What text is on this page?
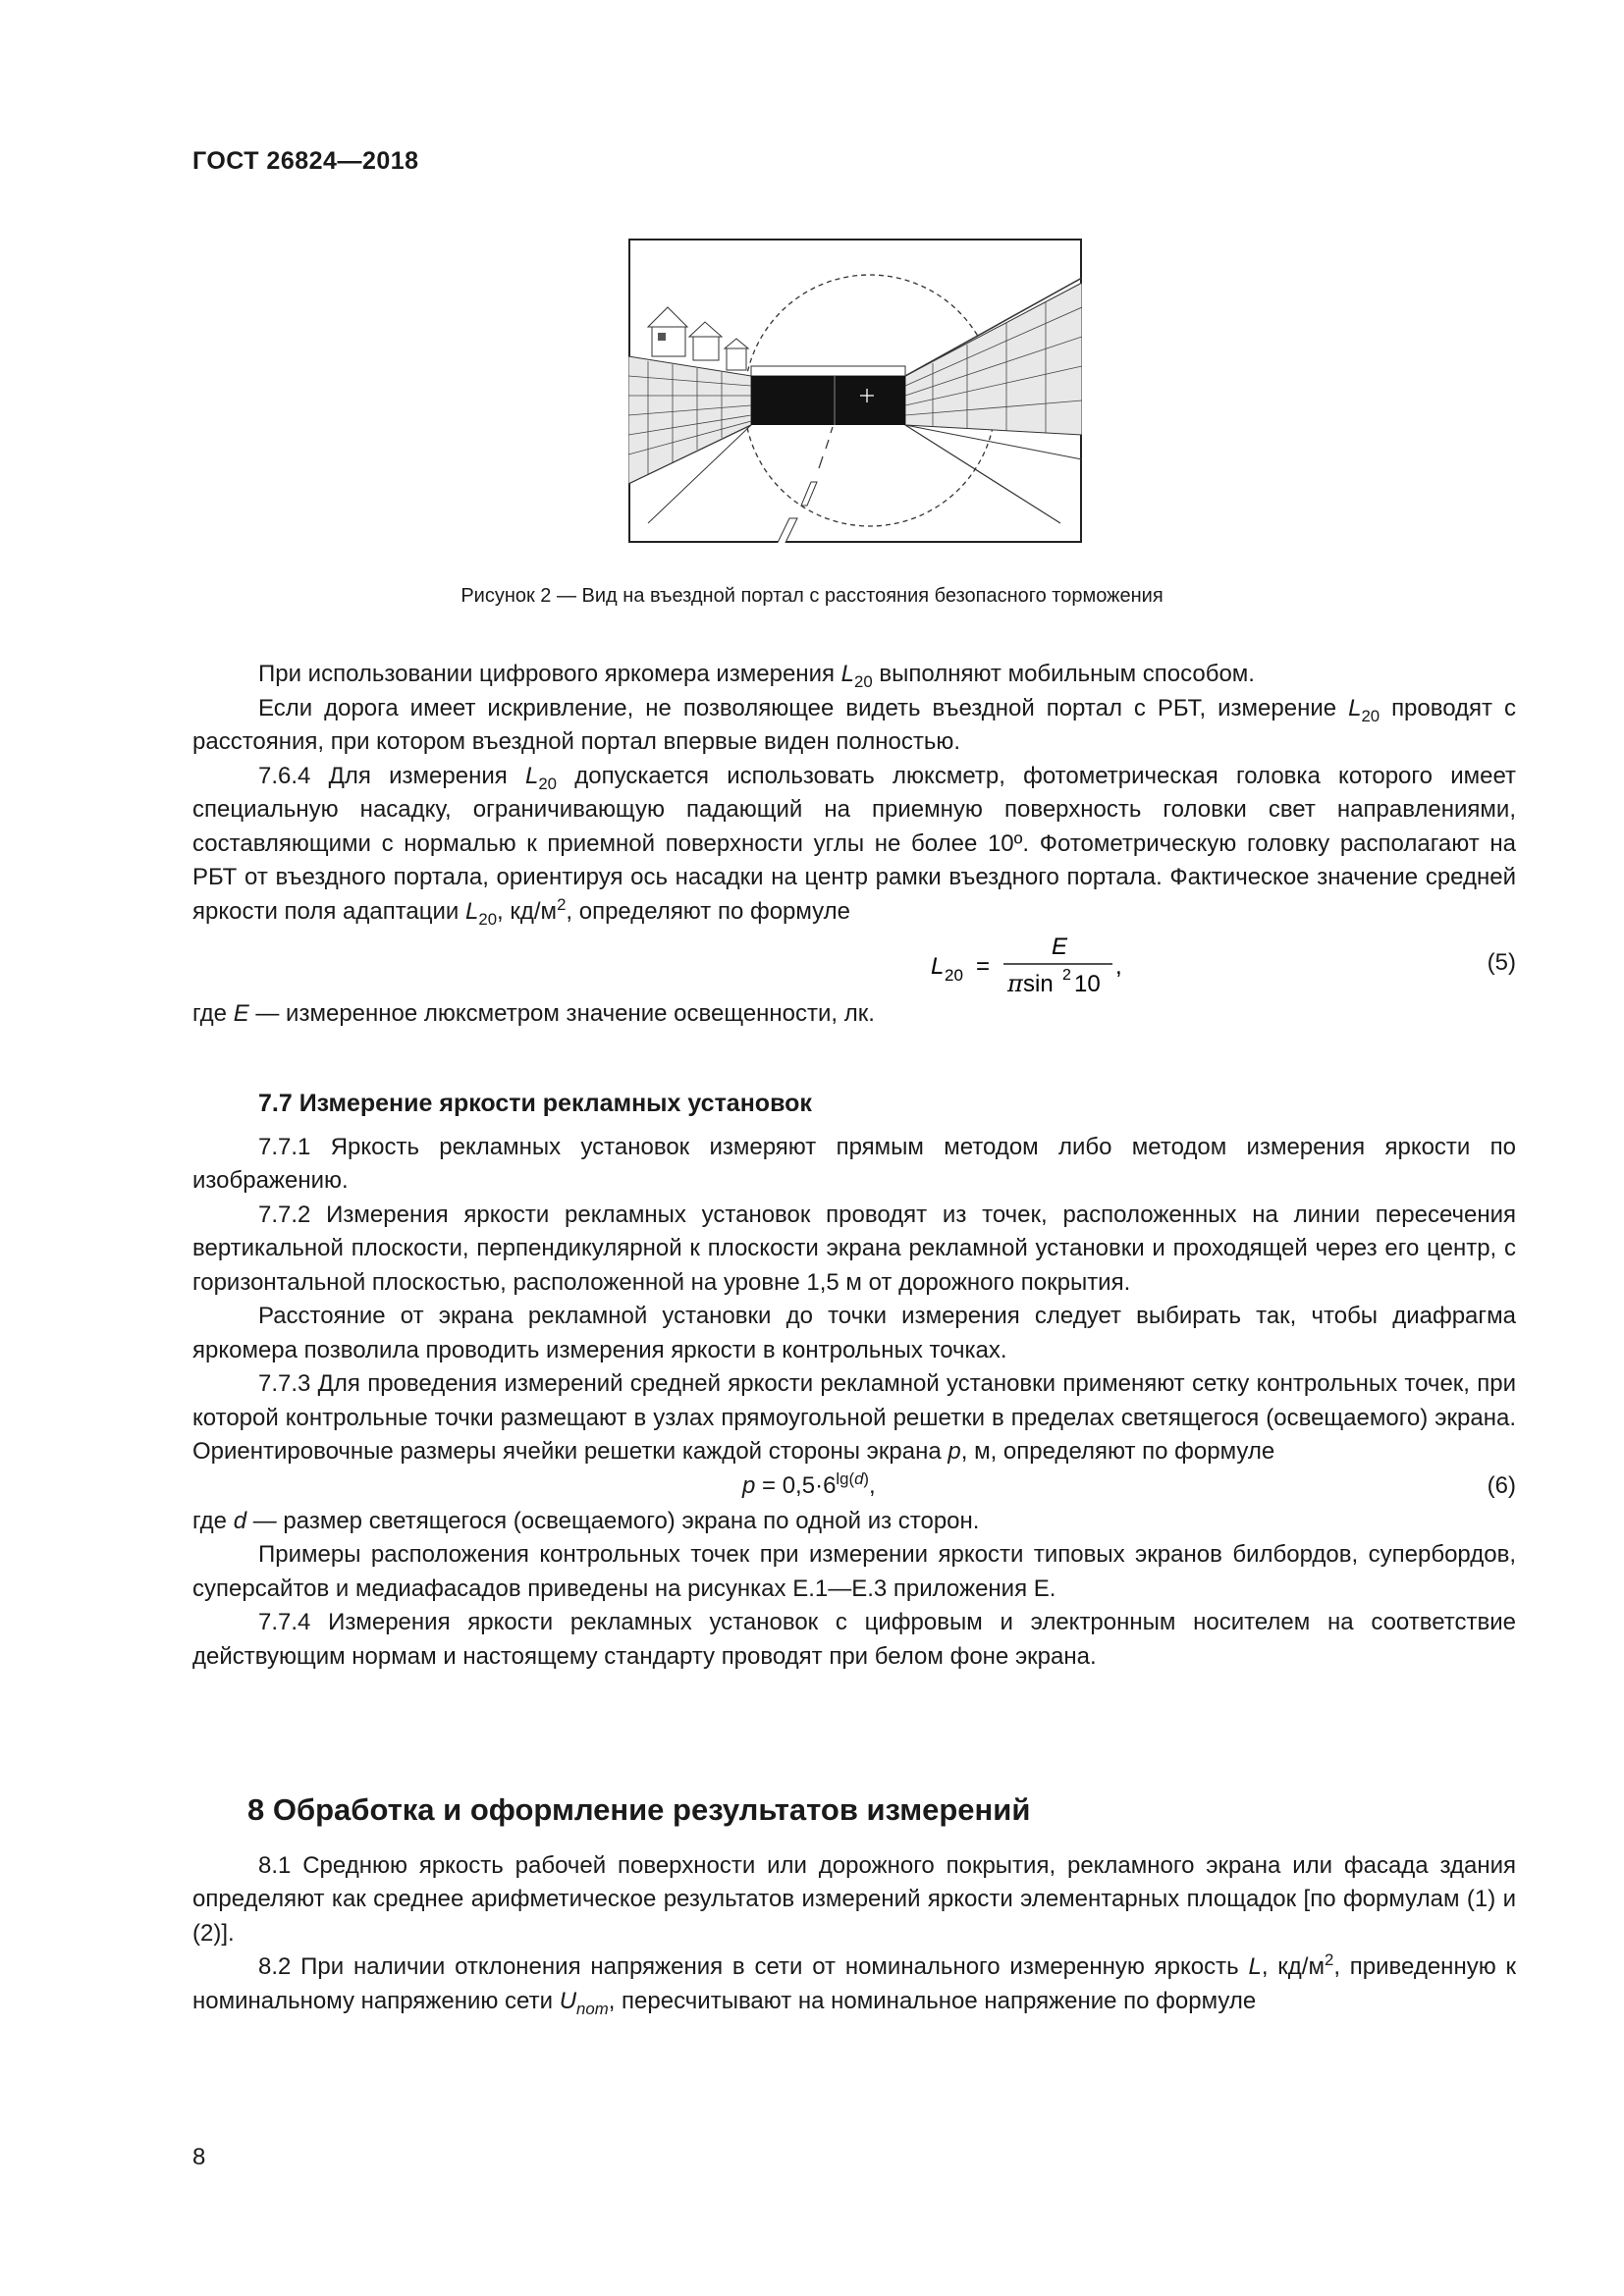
ГОСТ 26824—2018
Рисунок 2 — Вид на въездной портал с расстояния безопасного торможения

При использовании цифрового яркомера измерения $L_{20}$ выполняют мобильным способом.

Если дорога имеет искривление, не позволяющее видеть въездной портал с РБТ, измерение $L_{20}$ проводят с расстояния, при котором въездной портал впервые виден полностью.

7.6.4 Для измерения $L_{20}$ допускается использовать люксметр, фотометрическая головка которого имеет специальную насадку, ограничивающую падающий на приемную поверхность головки свет направлениями, составляющими с нормалью к приемной поверхности углы не более 10º. Фотометрическую головку располагают на РБТ от въездного портала, ориентируя ось насадки на центр рамки въездного портала. Фактическое значение средней яркости поля адаптации $L_{20}$, $кд/м^2$, определяют по формуле

L 20 =
E
π sin 2 10
,	(5)

где E — измеренное люксметром значение освещенности, лк.

7.7 Измерение яркости рекламных установок

7.7.1 Яркость рекламных установок измеряют прямым методом либо методом измерения яркости по изображению.

7.7.2 Измерения яркости рекламных установок проводят из точек, расположенных на линии пересечения вертикальной плоскости, перпендикулярной к плоскости экрана рекламной установки и проходящей через его центр, с горизонтальной плоскостью, расположенной на уровне 1,5 м от дорожного покрытия.

Расстояние от экрана рекламной установки до точки измерения следует выбирать так, чтобы диафрагма яркомера позволила проводить измерения яркости в контрольных точках.

7.7.3 Для проведения измерений средней яркости рекламной установки применяют сетку контрольных точек, при которой контрольные точки размещают в узлах прямоугольной решетки в пределах светящегося (освещаемого) экрана. Ориентировочные размеры ячейки решетки каждой стороны экрана p, м, определяют по формуле

$p = 0,5\cdot 6^{lg(d)}$,	(6)

где d — размер светящегося (освещаемого) экрана по одной из сторон.

Примеры расположения контрольных точек при измерении яркости типовых экранов билбордов, супербордов, суперсайтов и медиафасадов приведены на рисунках Е.1—Е.3 приложения Е.

7.7.4 Измерения яркости рекламных установок с цифровым и электронным носителем на соответствие действующим нормам и настоящему стандарту проводят при белом фоне экрана.

8 Обработка и оформление результатов измерений

8.1 Среднюю яркость рабочей поверхности или дорожного покрытия, рекламного экрана или фасада здания определяют как среднее арифметическое результатов измерений яркости элементарных площадок [по формулам (1) и (2)].

8.2 При наличии отклонения напряжения в сети от номинального измеренную яркость L, $кд/м^2$, приведенную к номинальному напряжению сети $U_{nom}$, пересчитывают на номинальное напряжение по формуле

8
